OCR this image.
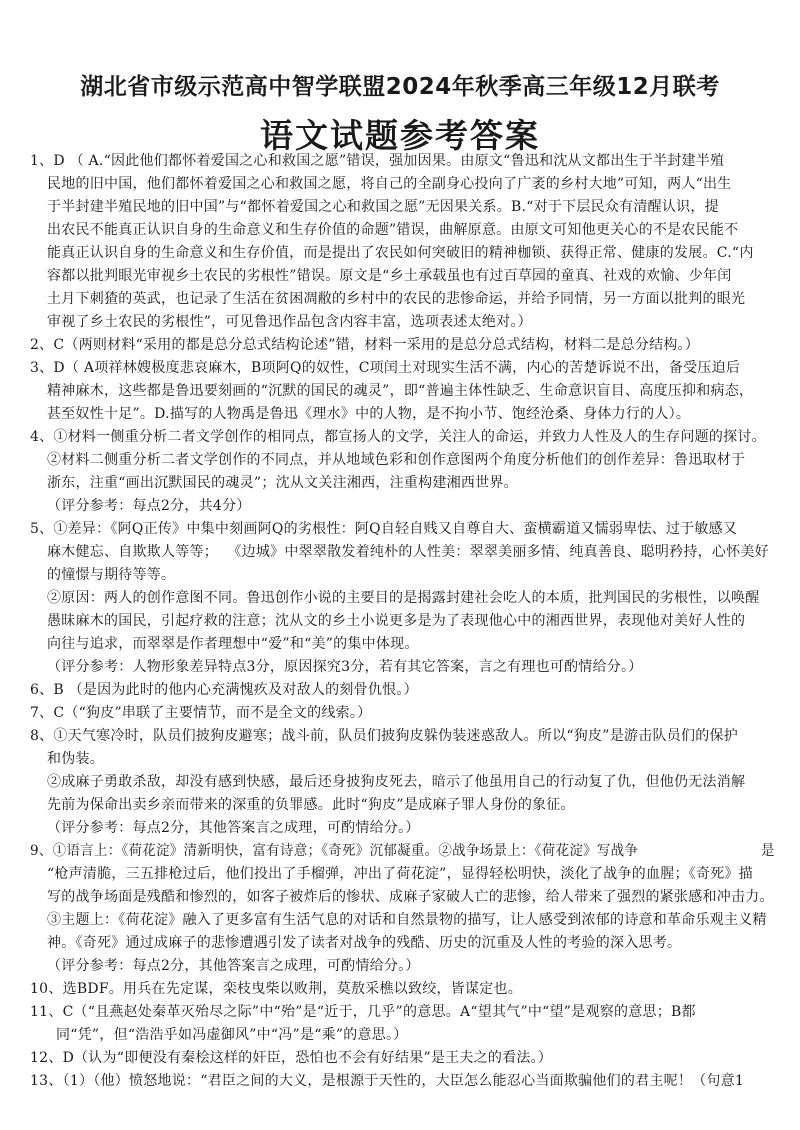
湖北省市级示范高中智学联盟2024年秋季高三年级12月联考
语文试题参考答案
1、D （ A.“因此他们都怀着爱国之心和救国之愿”错误，强加因果。由原文“鲁迅和沈从文都出生于半封建半殖
民地的旧中国，他们都怀着爱国之心和救国之愿，将自己的全副身心投向了广袤的乡村大地”可知，两人“出生
于半封建半殖民地的旧中国”与“都怀着爱国之心和救国之愿”无因果关系。B.“对于下层民众有清醒认识，提
出农民不能真正认识自身的生命意义和生存价值的命题”错误，曲解原意。由原文可知他更关心的不是农民能不
能真正认识自身的生命意义和生存价值，而是提出了农民如何突破旧的精神枷锁、获得正常、健康的发展。C.“内
容都以批判眼光审视乡土农民的劣根性”错误。原文是“乡土承载虽也有过百草园的童真、社戏的欢愉、少年闰
土月下刺猹的英武，也记录了生活在贫困凋敝的乡村中的农民的悲惨命运，并给予同情，另一方面以批判的眼光
审视了乡土农民的劣根性”，可见鲁迅作品包含内容丰富，选项表述太绝对。）
2、C（两则材料“采用的都是总分总式结构论述”错，材料一采用的是总分总式结构，材料二是总分结构。）
3、D（ A项祥林嫂极度悲哀麻木，B项阿Q的奴性，C项闰土对现实生活不满，内心的苦楚诉说不出，备受压迫后
精神麻木，这些都是鲁迅要刻画的“沉默的国民的魂灵”，即“普遍主体性缺乏、生命意识盲目、高度压抑和病态，
甚至奴性十足”。D.描写的人物禹是鲁迅《理水》中的人物，是不拘小节、饱经沧桑、身体力行的人）。
4、①材料一侧重分析二者文学创作的相同点，都宣扬人的文学，关注人的命运，并致力人性及人的生存问题的探讨。
②材料二侧重分析二者文学创作的不同点，并从地域色彩和创作意图两个角度分析他们的创作差异：鲁迅取材于
浙东，注重“画出沉默国民的魂灵”；沈从文关注湘西，注重构建湘西世界。
（评分参考：每点2分，共4分）
5、①差异：《阿Q正传》中集中刻画阿Q的劣根性：阿Q自轻自贱又自尊自大、蛮横霸道又懦弱卑怯、过于敏感又
麻木健忘、自欺欺人等等；  《边城》中翠翠散发着纯朴的人性美：翠翠美丽多情、纯真善良、聪明矜持，心怀美好
的憧憬与期待等等。
②原因：两人的创作意图不同。鲁迅创作小说的主要目的是揭露封建社会吃人的本质，批判国民的劣根性，以唤醒
愚昧麻木的国民，引起疗救的注意；沈从文的乡土小说更多是为了表现他心中的湘西世界，表现他对美好人性的
向往与追求，而翠翠是作者理想中“爱”和“美”的集中体现。
（评分参考：人物形象差异特点3分，原因探究3分，若有其它答案，言之有理也可酌情给分。）
6、B （是因为此时的他内心充满愧疚及对敌人的刻骨仇恨。）
7、C（“狗皮”串联了主要情节，而不是全文的线索。）
8、①天气寒冷时，队员们披狗皮避寒；战斗前，队员们披狗皮躲伪装迷惑敌人。所以“狗皮”是游击队员们的保护
和伪装。
②成麻子勇敢杀敌，却没有感到快感，最后还身披狗皮死去，暗示了他虽用自己的行动复了仇，但他仍无法消解
先前为保命出卖乡亲而带来的深重的负罪感。此时“狗皮”是成麻子罪人身份的象征。
（评分参考：每点2分，其他答案言之成理，可酌情给分。）
9、①语言上：《荷花淀》清新明快，富有诗意；《奇死》沉郁凝重。②战争场景上：《荷花淀》写战争                           是
“枪声清脆，三五排枪过后，他们投出了手榴弹，冲出了荷花淀”，显得轻松明快，淡化了战争的血腥；《奇死》描
写的战争场面是残酷和惨烈的，如客子被炸后的惨状、成麻子家破人亡的悲惨，给人带来了强烈的紧张感和冲击力。
③主题上：《荷花淀》融入了更多富有生活气息的对话和自然景物的描写，让人感受到浓郁的诗意和革命乐观主义精
神。《奇死》通过成麻子的悲惨遭遇引发了读者对战争的残酷、历史的沉重及人性的考验的深入思考。
（评分参考：每点2分，其他答案言之成理，可酌情给分。）
10、选BDF。用兵在先定谋，栾枝曳柴以败荆，莫敖采樵以致绞，皆谋定也。
11、C（“且燕赵处秦革灭殆尽之际”中“殆”是“近于，几乎”的意思。A“望其气”中“望”是观察的意思；B都
同“凭”，但“浩浩乎如冯虚御风”中“冯”是“乘”的意思。）
12、D（认为“即便没有秦桧这样的奸臣，恐怕也不会有好结果”是王夫之的看法。）
13、（1）（他）愤怒地说：“君臣之间的大义，是根源于天性的，大臣怎么能忍心当面欺骗他们的君主呢！（句意1
